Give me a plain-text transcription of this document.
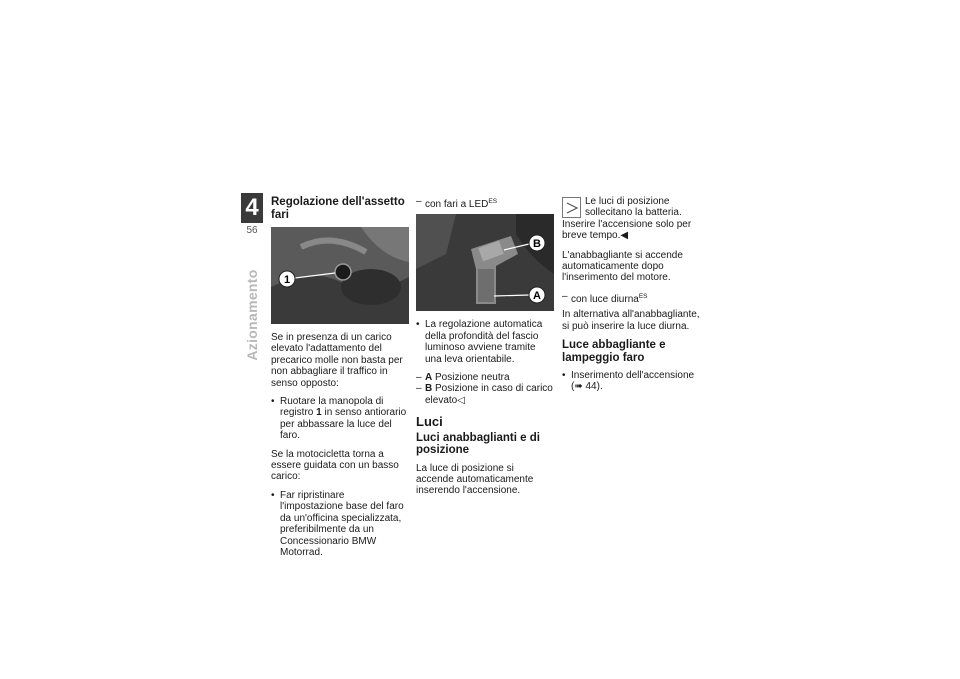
4
56
Azionamento
Regolazione dell'assetto fari
1

Se in presenza di un carico elevato l'adattamento del precarico molle non basta per non abbagliare il traffico in senso opposto:

• Ruotare la manopola di registro 1 in senso antiorario per abbassare la luce del faro.

Se la motocicletta torna a essere guidata con un basso carico:

• Far ripristinare l'impostazione base del faro da un'officina specializzata, preferibilmente da un Concessionario BMW Motorrad.
– con fari a $LED^{ES}$
B
A
• La regolazione automatica della profondità del fascio luminoso avviene tramite una leva orientabile.
– A Posizione neutra
– B Posizione in caso di carico elevato◁
Luci
Luci anabbaglianti e di posizione

La luce di posizione si accende automaticamente inserendo l'accensione.

Le luci di posizione sollecitano la batteria. Inserire l'accensione solo per breve tempo.◀

L'anabbagliante si accende automaticamente dopo l'inserimento del motore.

– con luce diurna$^{ES}$

In alternativa all'anabbagliante, si può inserire la luce diurna.

Luce abbagliante e lampeggio faro
• Inserimento dell'accensione
(➠ 44).
